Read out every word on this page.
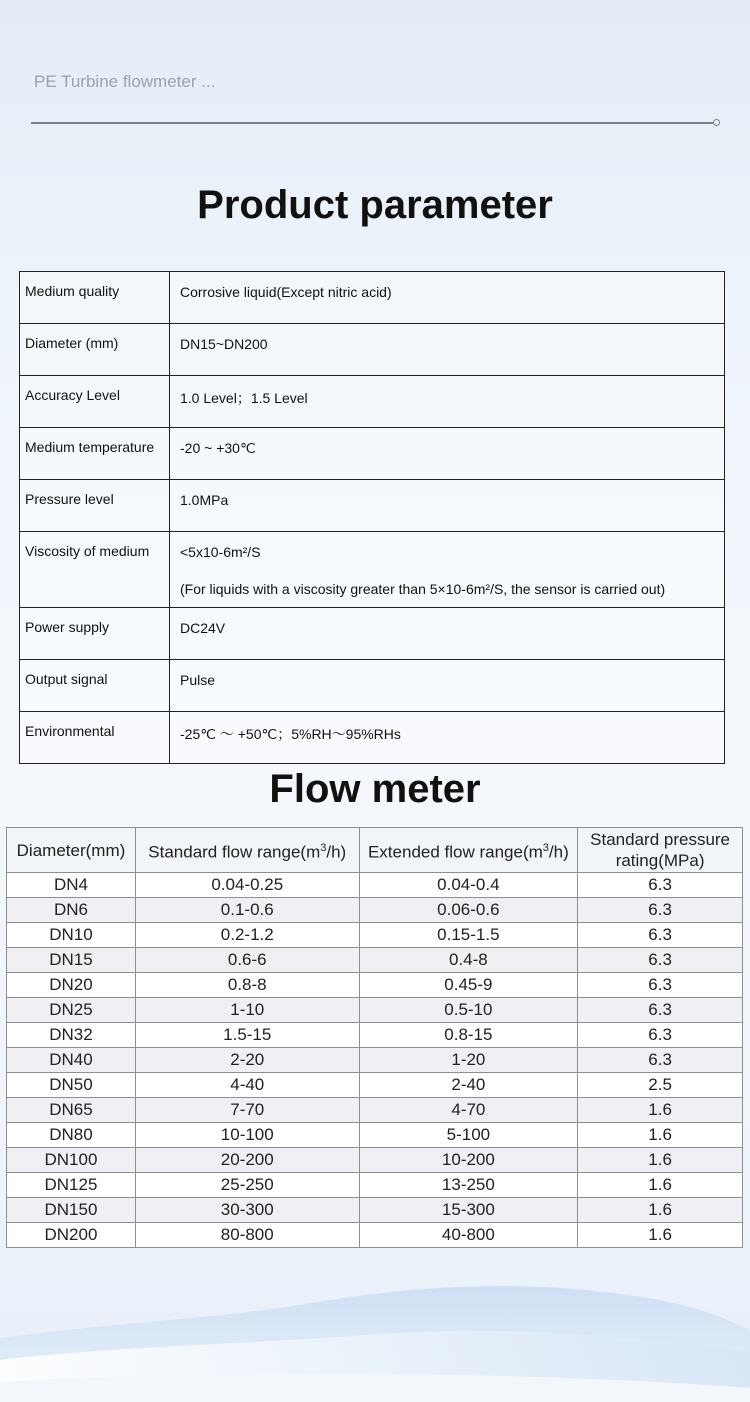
PE Turbine flowmeter ...
Product parameter
Medium quality	Corrosive liquid(Except nitric acid)
Diameter (mm)	DN15~DN200
Accuracy Level	1.0 Level；1.5 Level
Medium temperature	-20 ~ +30℃
Pressure level	1.0MPa
Viscosity of medium	<5x10-6m²/S
(For liquids with a viscosity greater than 5×10-6m²/S, the sensor is carried out)

Power supply	DC24V
Output signal	Pulse
Environmental	-25℃ ～ +50℃；5%RH～95%RHs
Flow meter
Diameter(mm)	Standard flow $range(m^3/h)$	Extended flow $range(m^3/h)$	Standard pressure rating(MPa)
DN4	0.04-0.25	0.04-0.4	6.3
DN6	0.1-0.6	0.06-0.6	6.3
DN10	0.2-1.2	0.15-1.5	6.3
DN15	0.6-6	0.4-8	6.3
DN20	0.8-8	0.45-9	6.3
DN25	1-10	0.5-10	6.3
DN32	1.5-15	0.8-15	6.3
DN40	2-20	1-20	6.3
DN50	4-40	2-40	2.5
DN65	7-70	4-70	1.6
DN80	10-100	5-100	1.6
DN100	20-200	10-200	1.6
DN125	25-250	13-250	1.6
DN150	30-300	15-300	1.6
DN200	80-800	40-800	1.6
